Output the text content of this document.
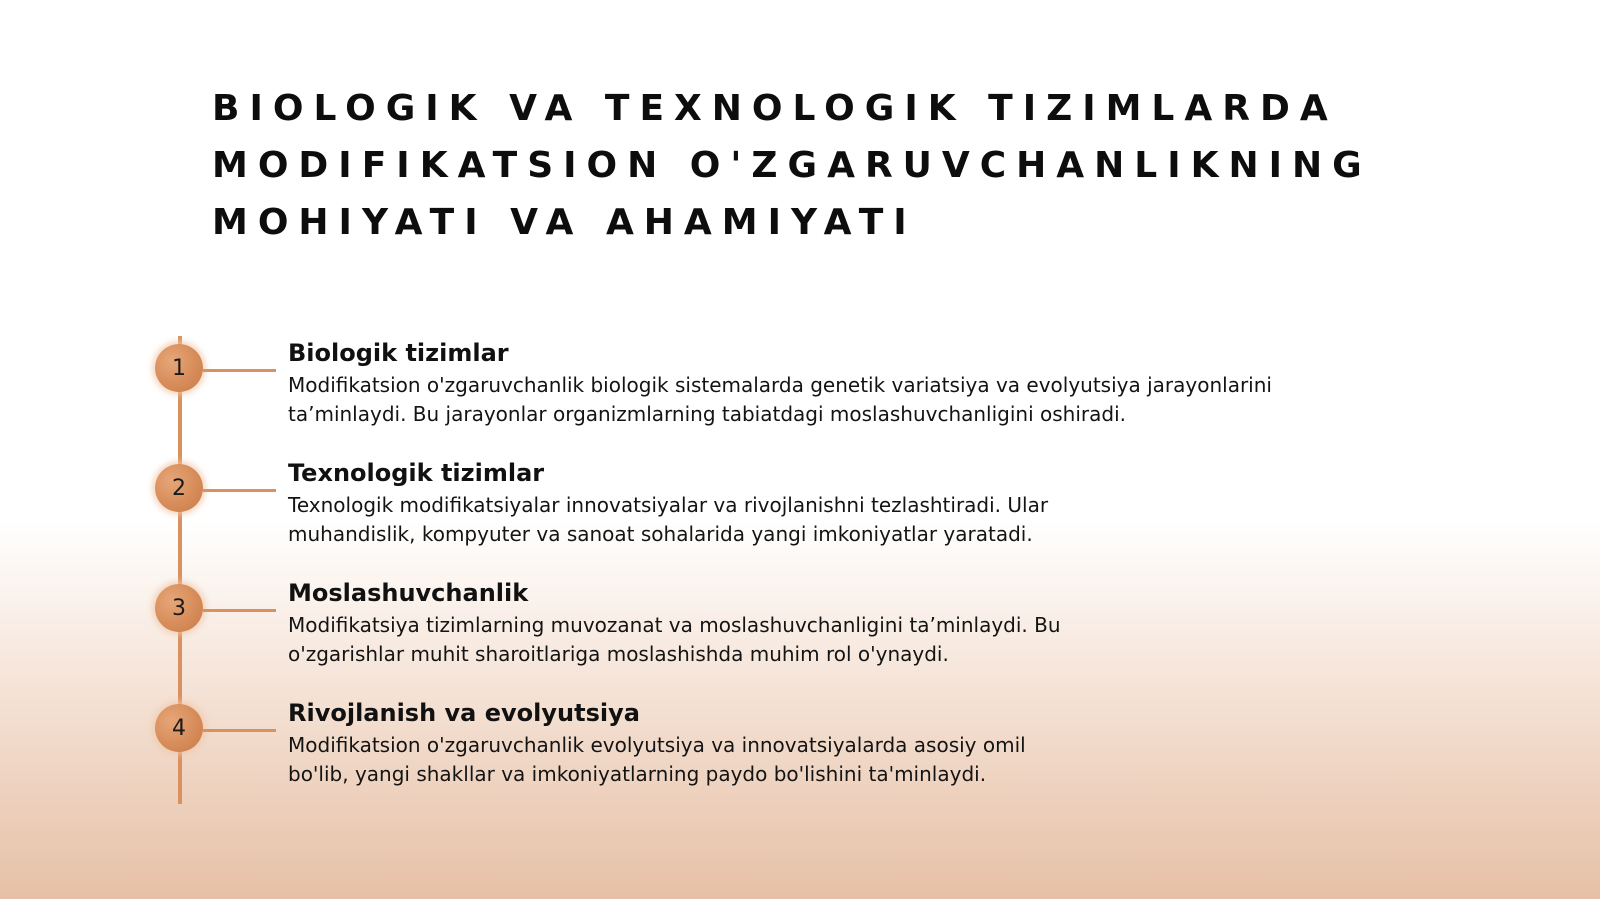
BIOLOGIK VA TEXNOLOGIK TIZIMLARDA MODIFIKATSION O'ZGARUVCHANLIKNING MOHIYATI VA AHAMIYATI
1
Biologik tizimlar

Modifikatsion o'zgaruvchanlik biologik sistemalarda genetik variatsiya va evolyutsiya jarayonlarini ta’minlaydi. Bu jarayonlar organizmlarning tabiatdagi moslashuvchanligini oshiradi.

2
Texnologik tizimlar

Texnologik modifikatsiyalar innovatsiyalar va rivojlanishni tezlashtiradi. Ular muhandislik, kompyuter va sanoat sohalarida yangi imkoniyatlar yaratadi.

3
Moslashuvchanlik

Modifikatsiya tizimlarning muvozanat va moslashuvchanligini ta’minlaydi. Bu o'zgarishlar muhit sharoitlariga moslashishda muhim rol o'ynaydi.

4
Rivojlanish va evolyutsiya

Modifikatsion o'zgaruvchanlik evolyutsiya va innovatsiyalarda asosiy omil bo'lib, yangi shakllar va imkoniyatlarning paydo bo'lishini ta'minlaydi.
